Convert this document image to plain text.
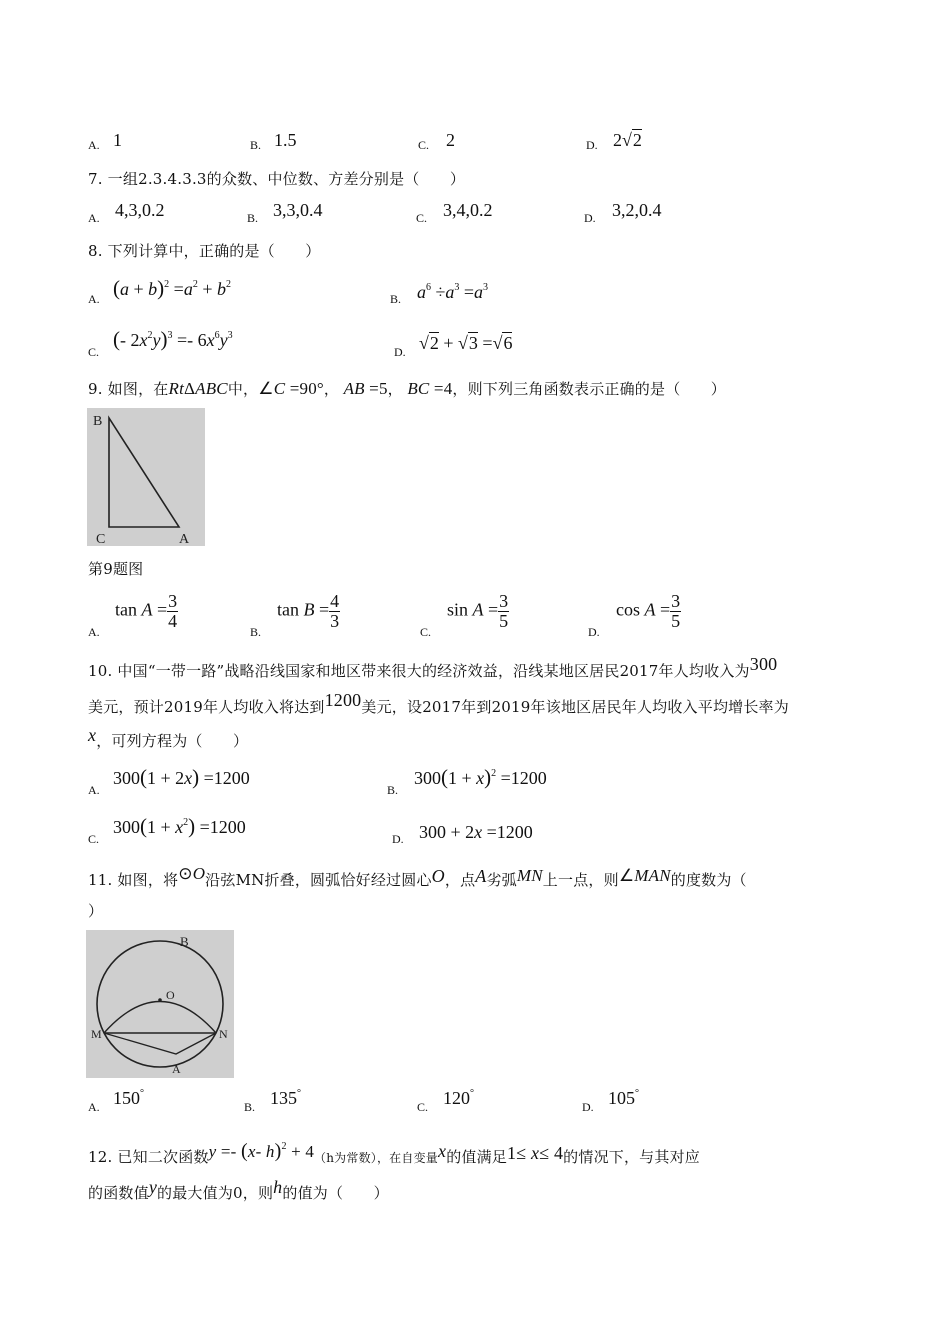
A. 1	B. 1.5	C. 2	D. 2√2
7. 一组2.3.4.3.3的众数、中位数、方差分别是（　　）
A. 4,3,0.2	B. 3,3,0.4	C. 3,4,0.2	D. 3,2,0.4
8. 下列计算中，正确的是（　　）
A. $(a + b)^2 =a^2 + b^2$
B. $a^6 \div a^3 =a^3$
C.
(- $2x^2y)^3 =- 6x^6y^3$
D. √2 + √3 =√6
9. 如图，在RtΔABC中，∠C =90°， AB =5， BC =4，则下列三角函数表示正确的是（　　）
B
C	A
第9题图
A.
$\tan A = \frac{3}{4}$
B.
$\tan B = \frac{4}{3}$
C.
$\sin A = \frac{3}{5}$
D.
$\cos A = \frac{3}{5}$
10. 中国“一带一路”战略沿线国家和地区带来很大的经济效益，沿线某地区居民2017年人均收入为300
美元，预计2019年人均收入将达到1200美元，设2017年到2019年该地区居民年人均收入平均增长率为
x，可列方程为（　　）
A.
300(1 + 2x) =1200
B.
$300(1 + x)^2 =1200$
C.
$300(1 + x^2) =1200$
D. 300 + 2x =1200
11. 如图，将⊙O沿弦MN折叠，圆弧恰好经过圆心O，点A劣弧MN上一点，则∠MAN的度数为（
）
B
O
M	N
A
A. 150°
B. 135°
C. 120°
D. 105°
12. 已知二次函数y =- (x- h)$^2$ + 4（h为常数），在自变量x的值满足1≤ x≤ 4的情况下，与其对应
的函数值y的最大值为0，则h的值为（　　）
